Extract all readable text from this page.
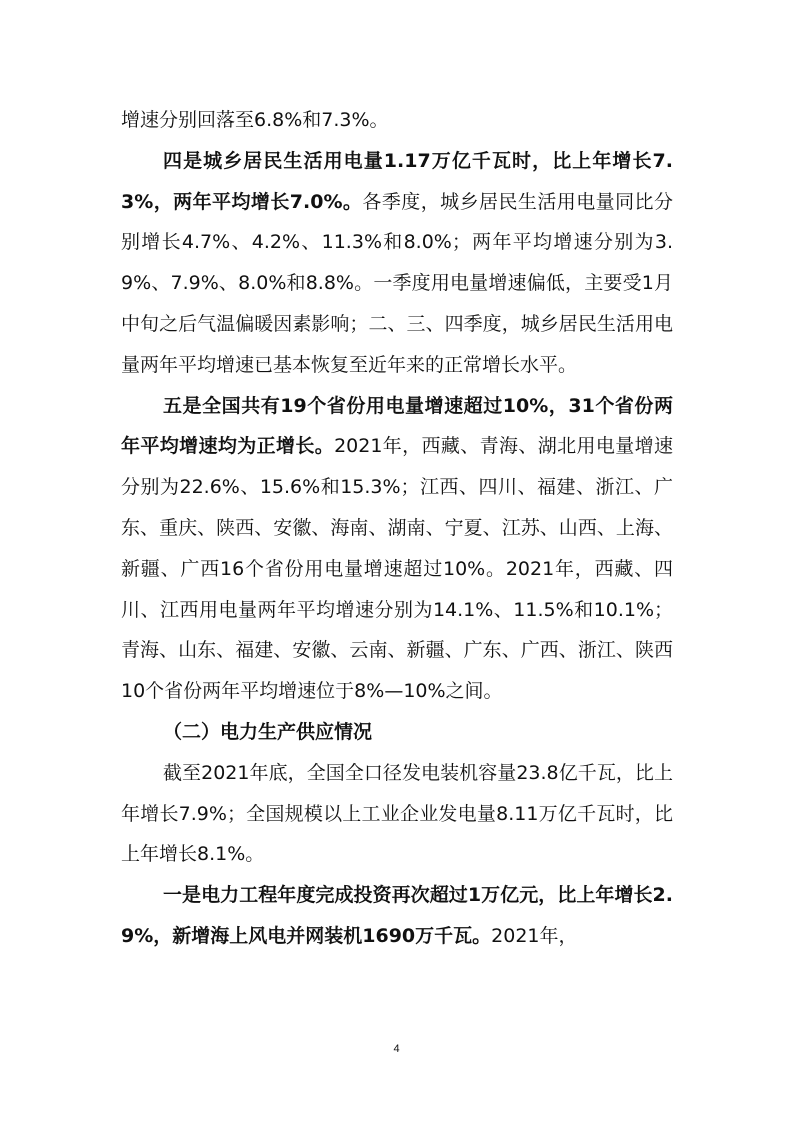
增速分别回落至6.8%和7.3%。

四是城乡居民生活用电量1.17万亿千瓦时，比上年增长7.3%，两年平均增长7.0%。各季度，城乡居民生活用电量同比分别增长4.7%、4.2%、11.3%和8.0%；两年平均增速分别为3.9%、7.9%、8.0%和8.8%。一季度用电量增速偏低，主要受1月中旬之后气温偏暖因素影响；二、三、四季度，城乡居民生活用电量两年平均增速已基本恢复至近年来的正常增长水平。

五是全国共有19个省份用电量增速超过10%，31个省份两年平均增速均为正增长。2021年，西藏、青海、湖北用电量增速分别为22.6%、15.6%和15.3%；江西、四川、福建、浙江、广东、重庆、陕西、安徽、海南、湖南、宁夏、江苏、山西、上海、新疆、广西16个省份用电量增速超过10%。2021年，西藏、四川、江西用电量两年平均增速分别为14.1%、11.5%和10.1%；青海、山东、福建、安徽、云南、新疆、广东、广西、浙江、陕西10个省份两年平均增速位于8%—10%之间。

（二）电力生产供应情况

截至2021年底，全国全口径发电装机容量23.8亿千瓦，比上年增长7.9%；全国规模以上工业企业发电量8.11万亿千瓦时，比上年增长8.1%。

一是电力工程年度完成投资再次超过1万亿元，比上年增长2.9%，新增海上风电并网装机1690万千瓦。2021年，

4
